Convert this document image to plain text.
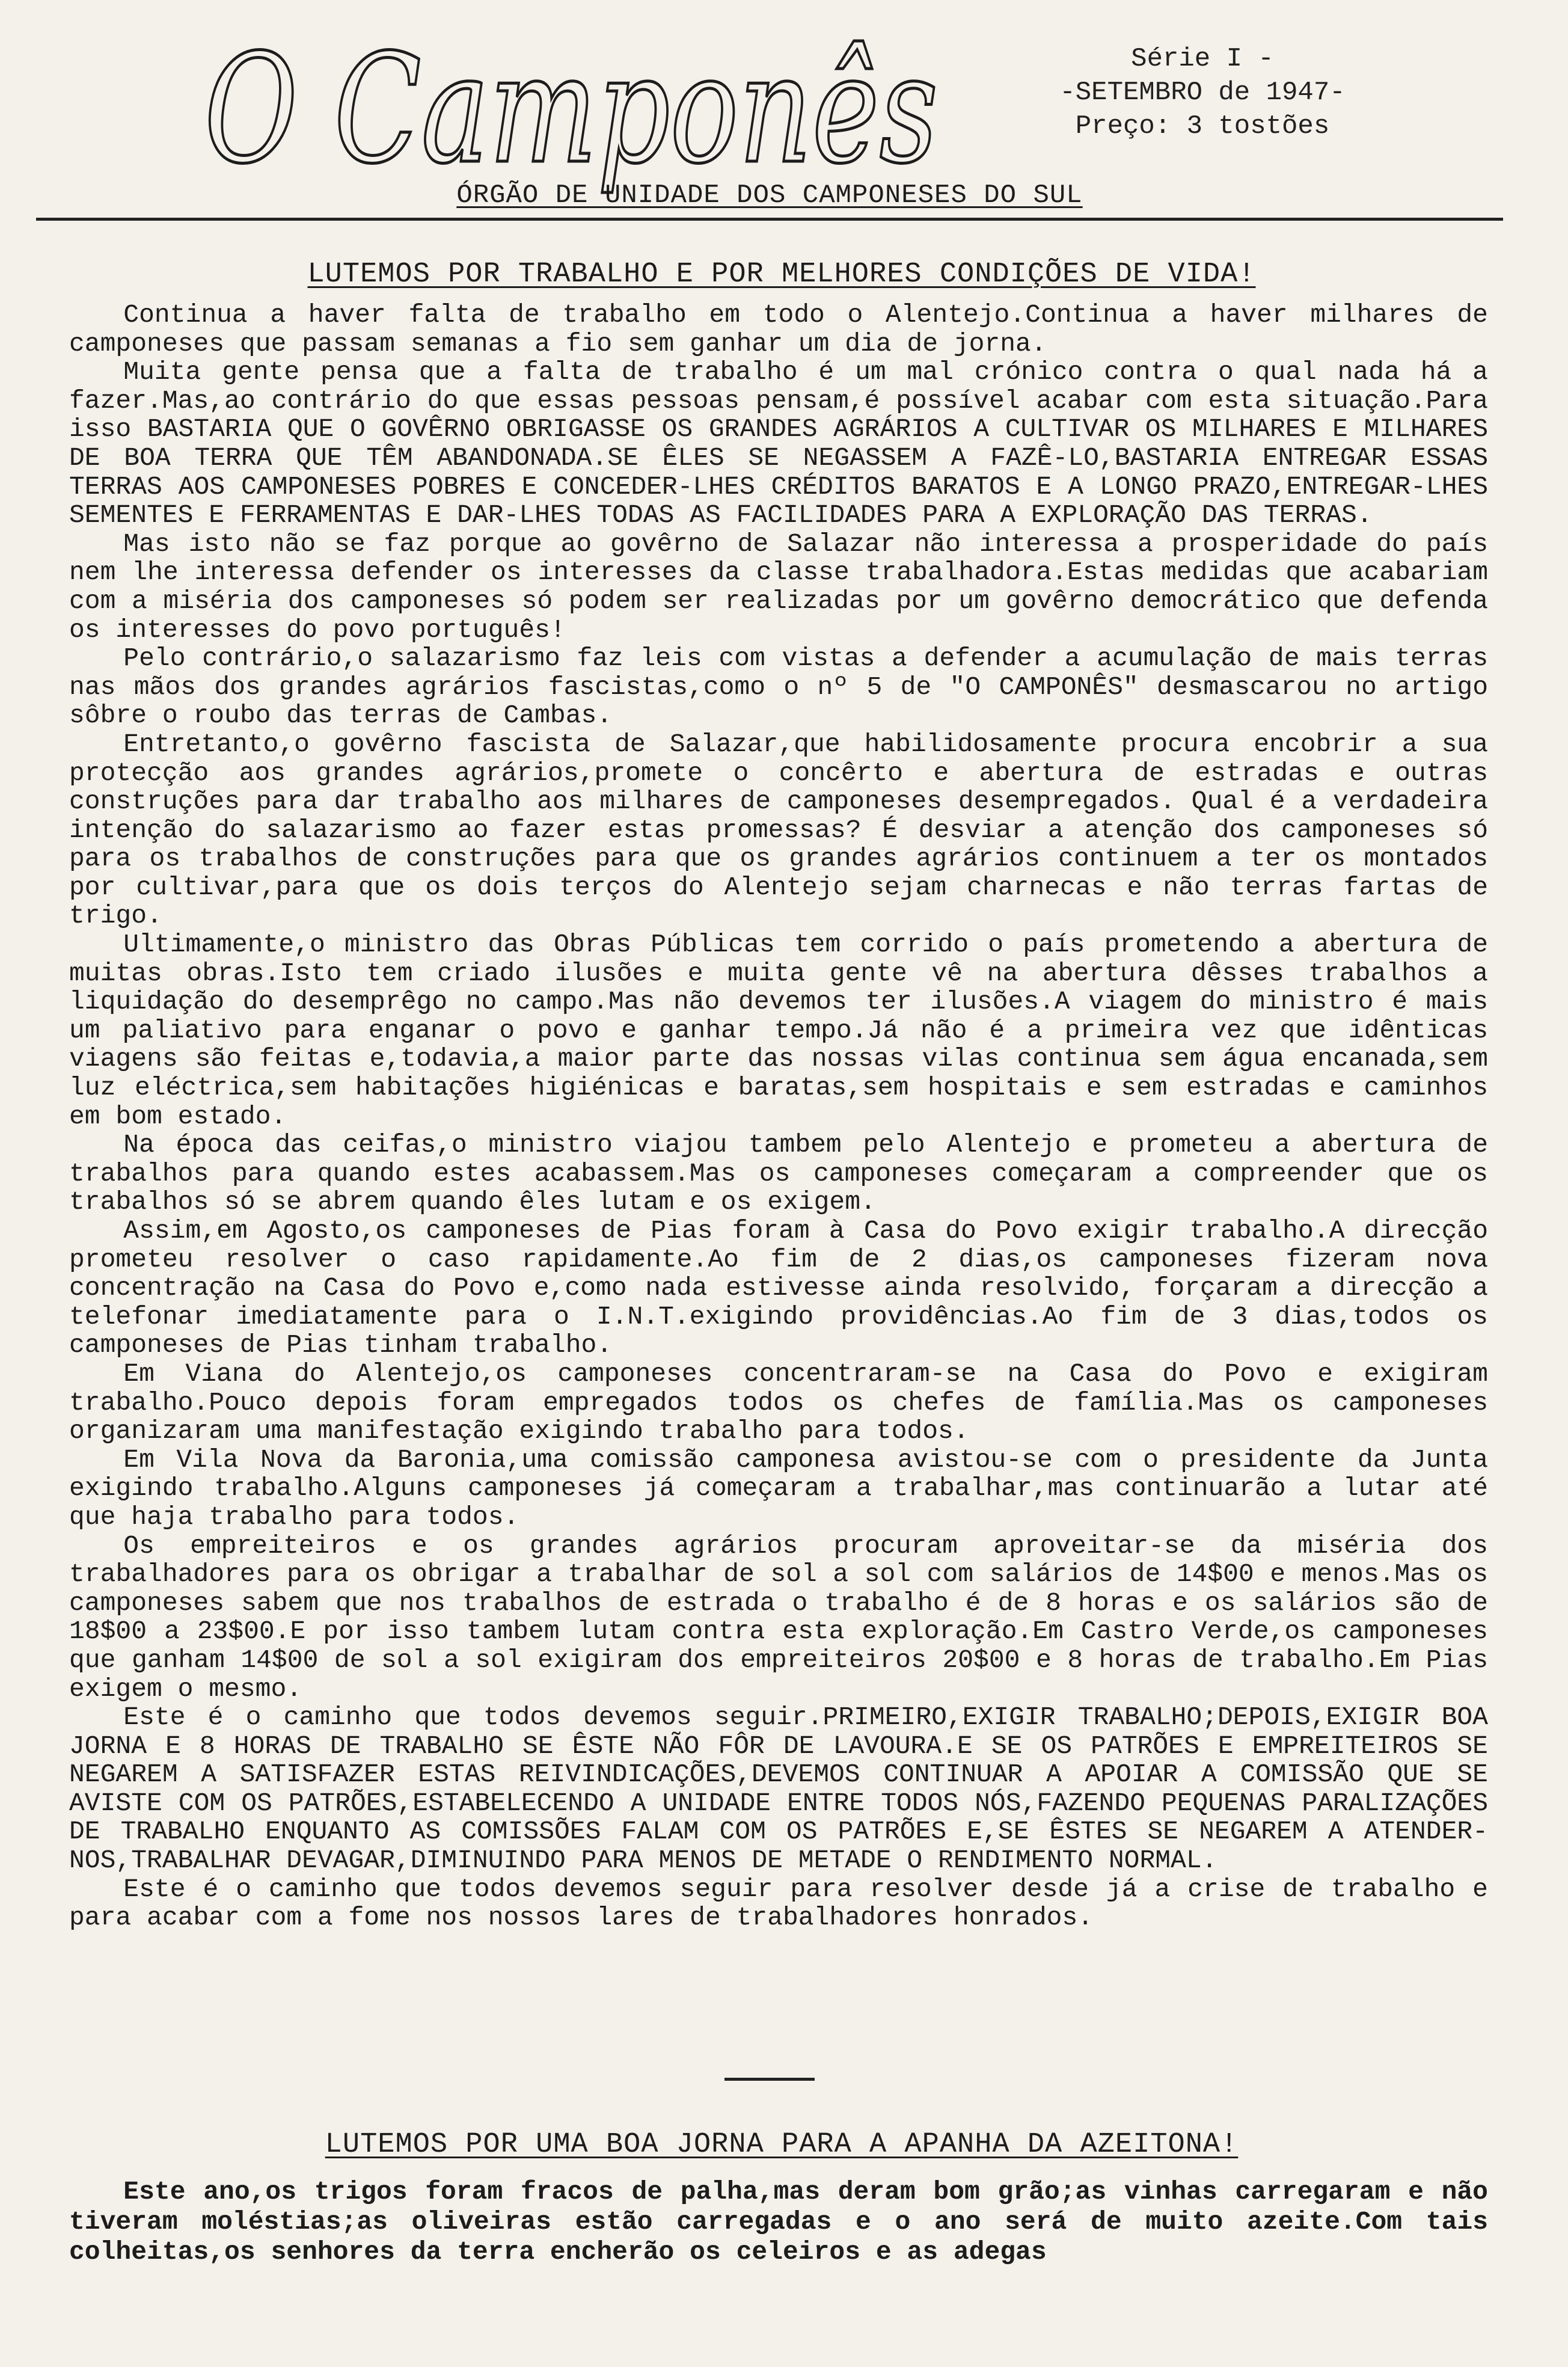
O Camponês	Série I -
-SETEMBRO de 1947-
Preço: 3 tostões
ÓRGÃO DE UNIDADE DOS CAMPONESES DO SUL
LUTEMOS POR TRABALHO E POR MELHORES CONDIÇÕES DE VIDA!

Continua a haver falta de trabalho em todo o Alentejo.Continua a haver milhares de camponeses que passam semanas a fio sem ganhar um dia de jorna.

Muita gente pensa que a falta de trabalho é um mal crónico contra o qual nada há a fazer.Mas,ao contrário do que essas pessoas pensam,é possível acabar com esta situação.Para isso BASTARIA QUE O GOVÊRNO OBRIGASSE OS GRANDES AGRÁRIOS A CULTIVAR OS MILHARES E MILHARES DE BOA TERRA QUE TÊM ABANDONADA.SE ÊLES SE NEGASSEM A FAZÊ-LO,BASTARIA ENTREGAR ESSAS TERRAS AOS CAMPONESES POBRES E CONCEDER-LHES CRÉDITOS BARATOS E A LONGO PRAZO,ENTREGAR-LHES SEMENTES E FERRAMENTAS E DAR-LHES TODAS AS FACILIDADES PARA A EXPLORAÇÃO DAS TERRAS.

Mas isto não se faz porque ao govêrno de Salazar não interessa a prosperidade do país nem lhe interessa defender os interesses da classe trabalhadora.Estas medidas que acabariam com a miséria dos camponeses só podem ser realizadas por um govêrno democrático que defenda os interesses do povo português!

Pelo contrário,o salazarismo faz leis com vistas a defender a acumulação de mais terras nas mãos dos grandes agrários fascistas,como o nº 5 de "O CAMPONÊS" desmascarou no artigo sôbre o roubo das terras de Cambas.

Entretanto,o govêrno fascista de Salazar,que habilidosamente procura encobrir a sua protecção aos grandes agrários,promete o concêrto e abertura de estradas e outras construções para dar trabalho aos milhares de camponeses desempregados. Qual é a verdadeira intenção do salazarismo ao fazer estas promessas? É desviar a atenção dos camponeses só para os trabalhos de construções para que os grandes agrários continuem a ter os montados por cultivar,para que os dois terços do Alentejo sejam charnecas e não terras fartas de trigo.

Ultimamente,o ministro das Obras Públicas tem corrido o país prometendo a abertura de muitas obras.Isto tem criado ilusões e muita gente vê na abertura dêsses trabalhos a liquidação do desemprêgo no campo.Mas não devemos ter ilusões.A viagem do ministro é mais um paliativo para enganar o povo e ganhar tempo.Já não é a primeira vez que idênticas viagens são feitas e,todavia,a maior parte das nossas vilas continua sem água encanada,sem luz eléctrica,sem habitações higiénicas e baratas,sem hospitais e sem estradas e caminhos em bom estado.

Na época das ceifas,o ministro viajou tambem pelo Alentejo e prometeu a abertura de trabalhos para quando estes acabassem.Mas os camponeses começaram a compreender que os trabalhos só se abrem quando êles lutam e os exigem.

Assim,em Agosto,os camponeses de Pias foram à Casa do Povo exigir trabalho.A direcção prometeu resolver o caso rapidamente.Ao fim de 2 dias,os camponeses fizeram nova concentração na Casa do Povo e,como nada estivesse ainda resolvido, forçaram a direcção a telefonar imediatamente para o I.N.T.exigindo providências.Ao fim de 3 dias,todos os camponeses de Pias tinham trabalho.

Em Viana do Alentejo,os camponeses concentraram-se na Casa do Povo e exigiram trabalho.Pouco depois foram empregados todos os chefes de família.Mas os camponeses organizaram uma manifestação exigindo trabalho para todos.

Em Vila Nova da Baronia,uma comissão camponesa avistou-se com o presidente da Junta exigindo trabalho.Alguns camponeses já começaram a trabalhar,mas continuarão a lutar até que haja trabalho para todos.

Os empreiteiros e os grandes agrários procuram aproveitar-se da miséria dos trabalhadores para os obrigar a trabalhar de sol a sol com salários de 14$00 e menos.Mas os camponeses sabem que nos trabalhos de estrada o trabalho é de 8 horas e os salários são de 18$00 a 23$00.E por isso tambem lutam contra esta exploração.Em Castro Verde,os camponeses que ganham 14$00 de sol a sol exigiram dos empreiteiros 20$00 e 8 horas de trabalho.Em Pias exigem o mesmo.

Este é o caminho que todos devemos seguir.PRIMEIRO,EXIGIR TRABALHO;DEPOIS,EXIGIR BOA JORNA E 8 HORAS DE TRABALHO SE ÊSTE NÃO FÔR DE LAVOURA.E SE OS PATRÕES E EMPREITEIROS SE NEGAREM A SATISFAZER ESTAS REIVINDICAÇÕES,DEVEMOS CONTINUAR A APOIAR A COMISSÃO QUE SE AVISTE COM OS PATRÕES,ESTABELECENDO A UNIDADE ENTRE TODOS NÓS,FAZENDO PEQUENAS PARALIZAÇÕES DE TRABALHO ENQUANTO AS COMISSÕES FALAM COM OS PATRÕES E,SE ÊSTES SE NEGAREM A ATENDER-NOS,TRABALHAR DEVAGAR,DIMINUINDO PARA MENOS DE METADE O RENDIMENTO NORMAL.

Este é o caminho que todos devemos seguir para resolver desde já a crise de trabalho e para acabar com a fome nos nossos lares de trabalhadores honrados.

LUTEMOS POR UMA BOA JORNA PARA A APANHA DA AZEITONA!

Este ano,os trigos foram fracos de palha,mas deram bom grão;as vinhas carregaram e não tiveram moléstias;as oliveiras estão carregadas e o ano será de muito azeite.Com tais colheitas,os senhores da terra encherão os celeiros e as adegas
